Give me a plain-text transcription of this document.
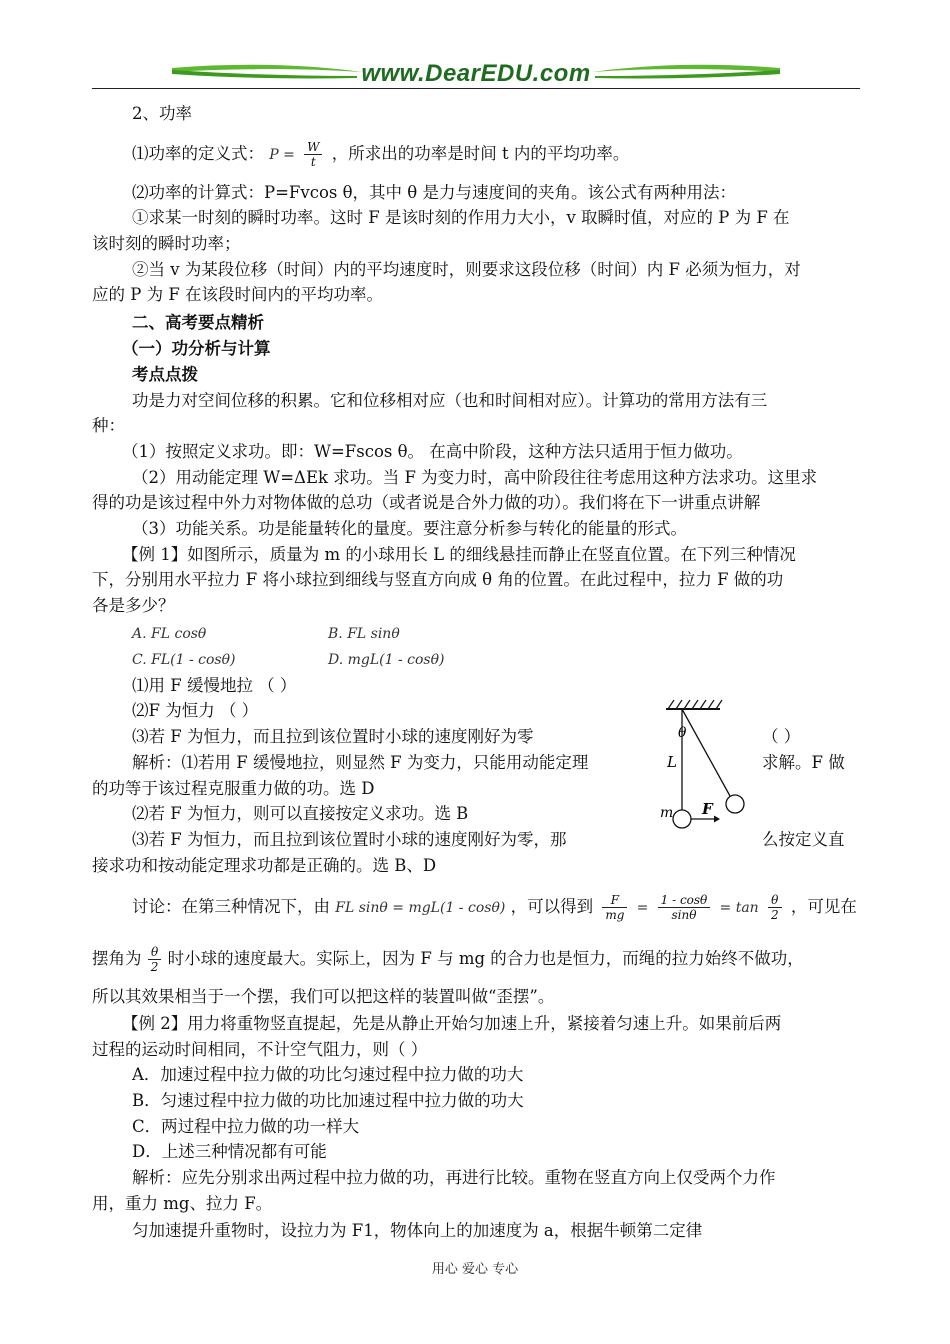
www.DearEDU.com
2、功率
⑴功率的定义式： $P = \frac{W}{t}$ ，所求出的功率是时间 t 内的平均功率。
⑵功率的计算式：P=Fvcos θ，其中 θ 是力与速度间的夹角。该公式有两种用法：
①求某一时刻的瞬时功率。这时 F 是该时刻的作用力大小，v 取瞬时值，对应的 P 为 F 在
该时刻的瞬时功率；
②当 v 为某段位移（时间）内的平均速度时，则要求这段位移（时间）内 F 必须为恒力，对
应的 P 为 F 在该段时间内的平均功率。
二、高考要点精析
（一）功分析与计算
考点点拨
功是力对空间位移的积累。它和位移相对应（也和时间相对应）。计算功的常用方法有三
种：
（1）按照定义求功。即：W=Fscos θ。 在高中阶段，这种方法只适用于恒力做功。
（2）用动能定理 W=ΔEk 求功。当 F 为变力时，高中阶段往往考虑用这种方法求功。这里求
得的功是该过程中外力对物体做的总功（或者说是合外力做的功）。我们将在下一讲重点讲解
（3）功能关系。功是能量转化的量度。要注意分析参与转化的能量的形式。
【例 1】如图所示，质量为 m 的小球用长 L 的细线悬挂而静止在竖直位置。在下列三种情况
下，分别用水平拉力 F 将小球拉到细线与竖直方向成 θ 角的位置。在此过程中，拉力 F 做的功
各是多少？
A. FL cosθ	B. FL sinθ
C. FL(1 - cosθ)	D. mgL(1 - cosθ)
⑴用 F 缓慢地拉 （ ）
⑵F 为恒力 （ ）
⑶若 F 为恒力，而且拉到该位置时小球的速度刚好为零	（ ）
解析：⑴若用 F 缓慢地拉，则显然 F 为变力，只能用动能定理	求解。F 做
的功等于该过程克服重力做的功。选 D
⑵若 F 为恒力，则可以直接按定义求功。选 B
⑶若 F 为恒力，而且拉到该位置时小球的速度刚好为零，那	么按定义直
接求功和按动能定理求功都是正确的。选 B、D
θ
L
m F
讨论：在第三种情况下，由 FL sinθ = mgL(1 - cosθ) ，可以得到 $\frac{F}{mg} = \frac{1 - \cos\theta}{\sin\theta} = \tan \frac{\theta}{2}$ ，可见在
摆角为 $\frac{\theta}{2}$ 时小球的速度最大。实际上，因为 F 与 mg 的合力也是恒力，而绳的拉力始终不做功，
所以其效果相当于一个摆，我们可以把这样的装置叫做“歪摆”。
【例 2】用力将重物竖直提起，先是从静止开始匀加速上升，紧接着匀速上升。如果前后两
过程的运动时间相同，不计空气阻力，则（ ）
A．加速过程中拉力做的功比匀速过程中拉力做的功大
B．匀速过程中拉力做的功比加速过程中拉力做的功大
C．两过程中拉力做的功一样大
D．上述三种情况都有可能
解析：应先分别求出两过程中拉力做的功，再进行比较。重物在竖直方向上仅受两个力作
用，重力 mg、拉力 F。
匀加速提升重物时，设拉力为 F1，物体向上的加速度为 a，根据牛顿第二定律
用心 爱心 专心
